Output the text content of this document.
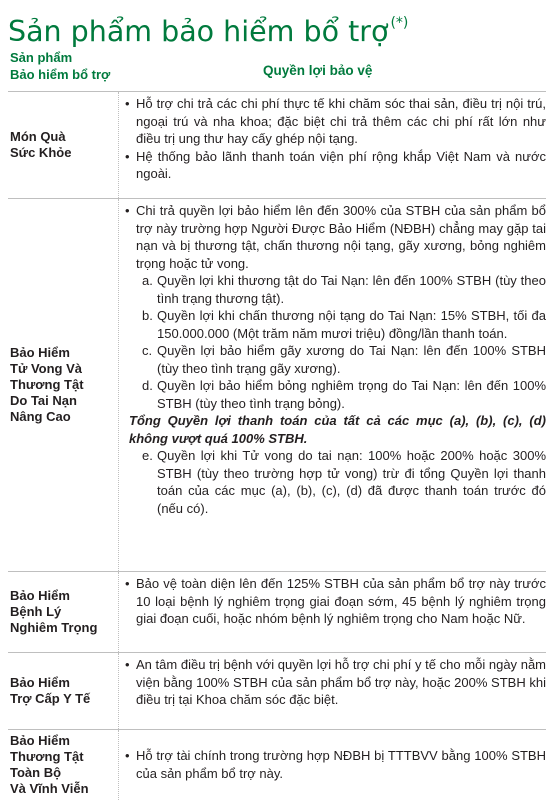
Sản phẩm bảo hiểm bổ trợ (*)
Sản phẩm
Bảo hiểm bổ trợ	Quyền lợi bảo vệ
Món Quà
Sức Khỏe
• Hỗ trợ chi trả các chi phí thực tế khi chăm sóc thai sản, điều trị nội trú, ngoại trú và nha khoa; đặc biệt chi trả thêm các chi phí rất lớn như điều trị ung thư hay cấy ghép nội tạng.
• Hệ thống bảo lãnh thanh toán viện phí rộng khắp Việt Nam và nước ngoài.
Bảo Hiểm
Tử Vong Và
Thương Tật
Do Tai Nạn
Nâng Cao
• Chi trả quyền lợi bảo hiểm lên đến 300% của STBH của sản phẩm bổ trợ này trường hợp Người Được Bảo Hiểm (NĐBH) chẳng may gặp tai nạn và bị thương tật, chấn thương nội tạng, gãy xương, bỏng nghiêm trọng hoặc tử vong.
a. Quyền lợi khi thương tật do Tai Nạn: lên đến 100% STBH (tùy theo tình trạng thương tật).
b. Quyền lợi khi chấn thương nội tạng do Tai Nạn: 15% STBH, tối đa 150.000.000 (Một trăm năm mươi triệu) đồng/lần thanh toán.
c. Quyền lợi bảo hiểm gãy xương do Tai Nạn: lên đến 100% STBH (tùy theo tình trạng gãy xương).
d. Quyền lợi bảo hiểm bỏng nghiêm trọng do Tai Nạn: lên đến 100% STBH (tùy theo tình trạng bỏng).
Tổng Quyền lợi thanh toán của tất cả các mục (a), (b), (c), (d) không vượt quá 100% STBH.
e. Quyền lợi khi Tử vong do tai nạn: 100% hoặc 200% hoặc 300% STBH (tùy theo trường hợp tử vong) trừ đi tổng Quyền lợi thanh toán của các mục (a), (b), (c), (d) đã được thanh toán trước đó (nếu có).
Bảo Hiểm
Bệnh Lý
Nghiêm Trọng
• Bảo vệ toàn diện lên đến 125% STBH của sản phẩm bổ trợ này trước 10 loại bệnh lý nghiêm trọng giai đoạn sớm, 45 bệnh lý nghiêm trọng giai đoạn cuối, hoặc nhóm bệnh lý nghiêm trọng cho Nam hoặc Nữ.
Bảo Hiểm
Trợ Cấp Y Tế
• An tâm điều trị bệnh với quyền lợi hỗ trợ chi phí y tế cho mỗi ngày nằm viện bằng 100% STBH của sản phẩm bổ trợ này, hoặc 200% STBH khi điều trị tại Khoa chăm sóc đặc biệt.
Bảo Hiểm
Thương Tật
Toàn Bộ
Và Vĩnh Viễn
• Hỗ trợ tài chính trong trường hợp NĐBH bị TTTBVV bằng 100% STBH của sản phẩm bổ trợ này.
